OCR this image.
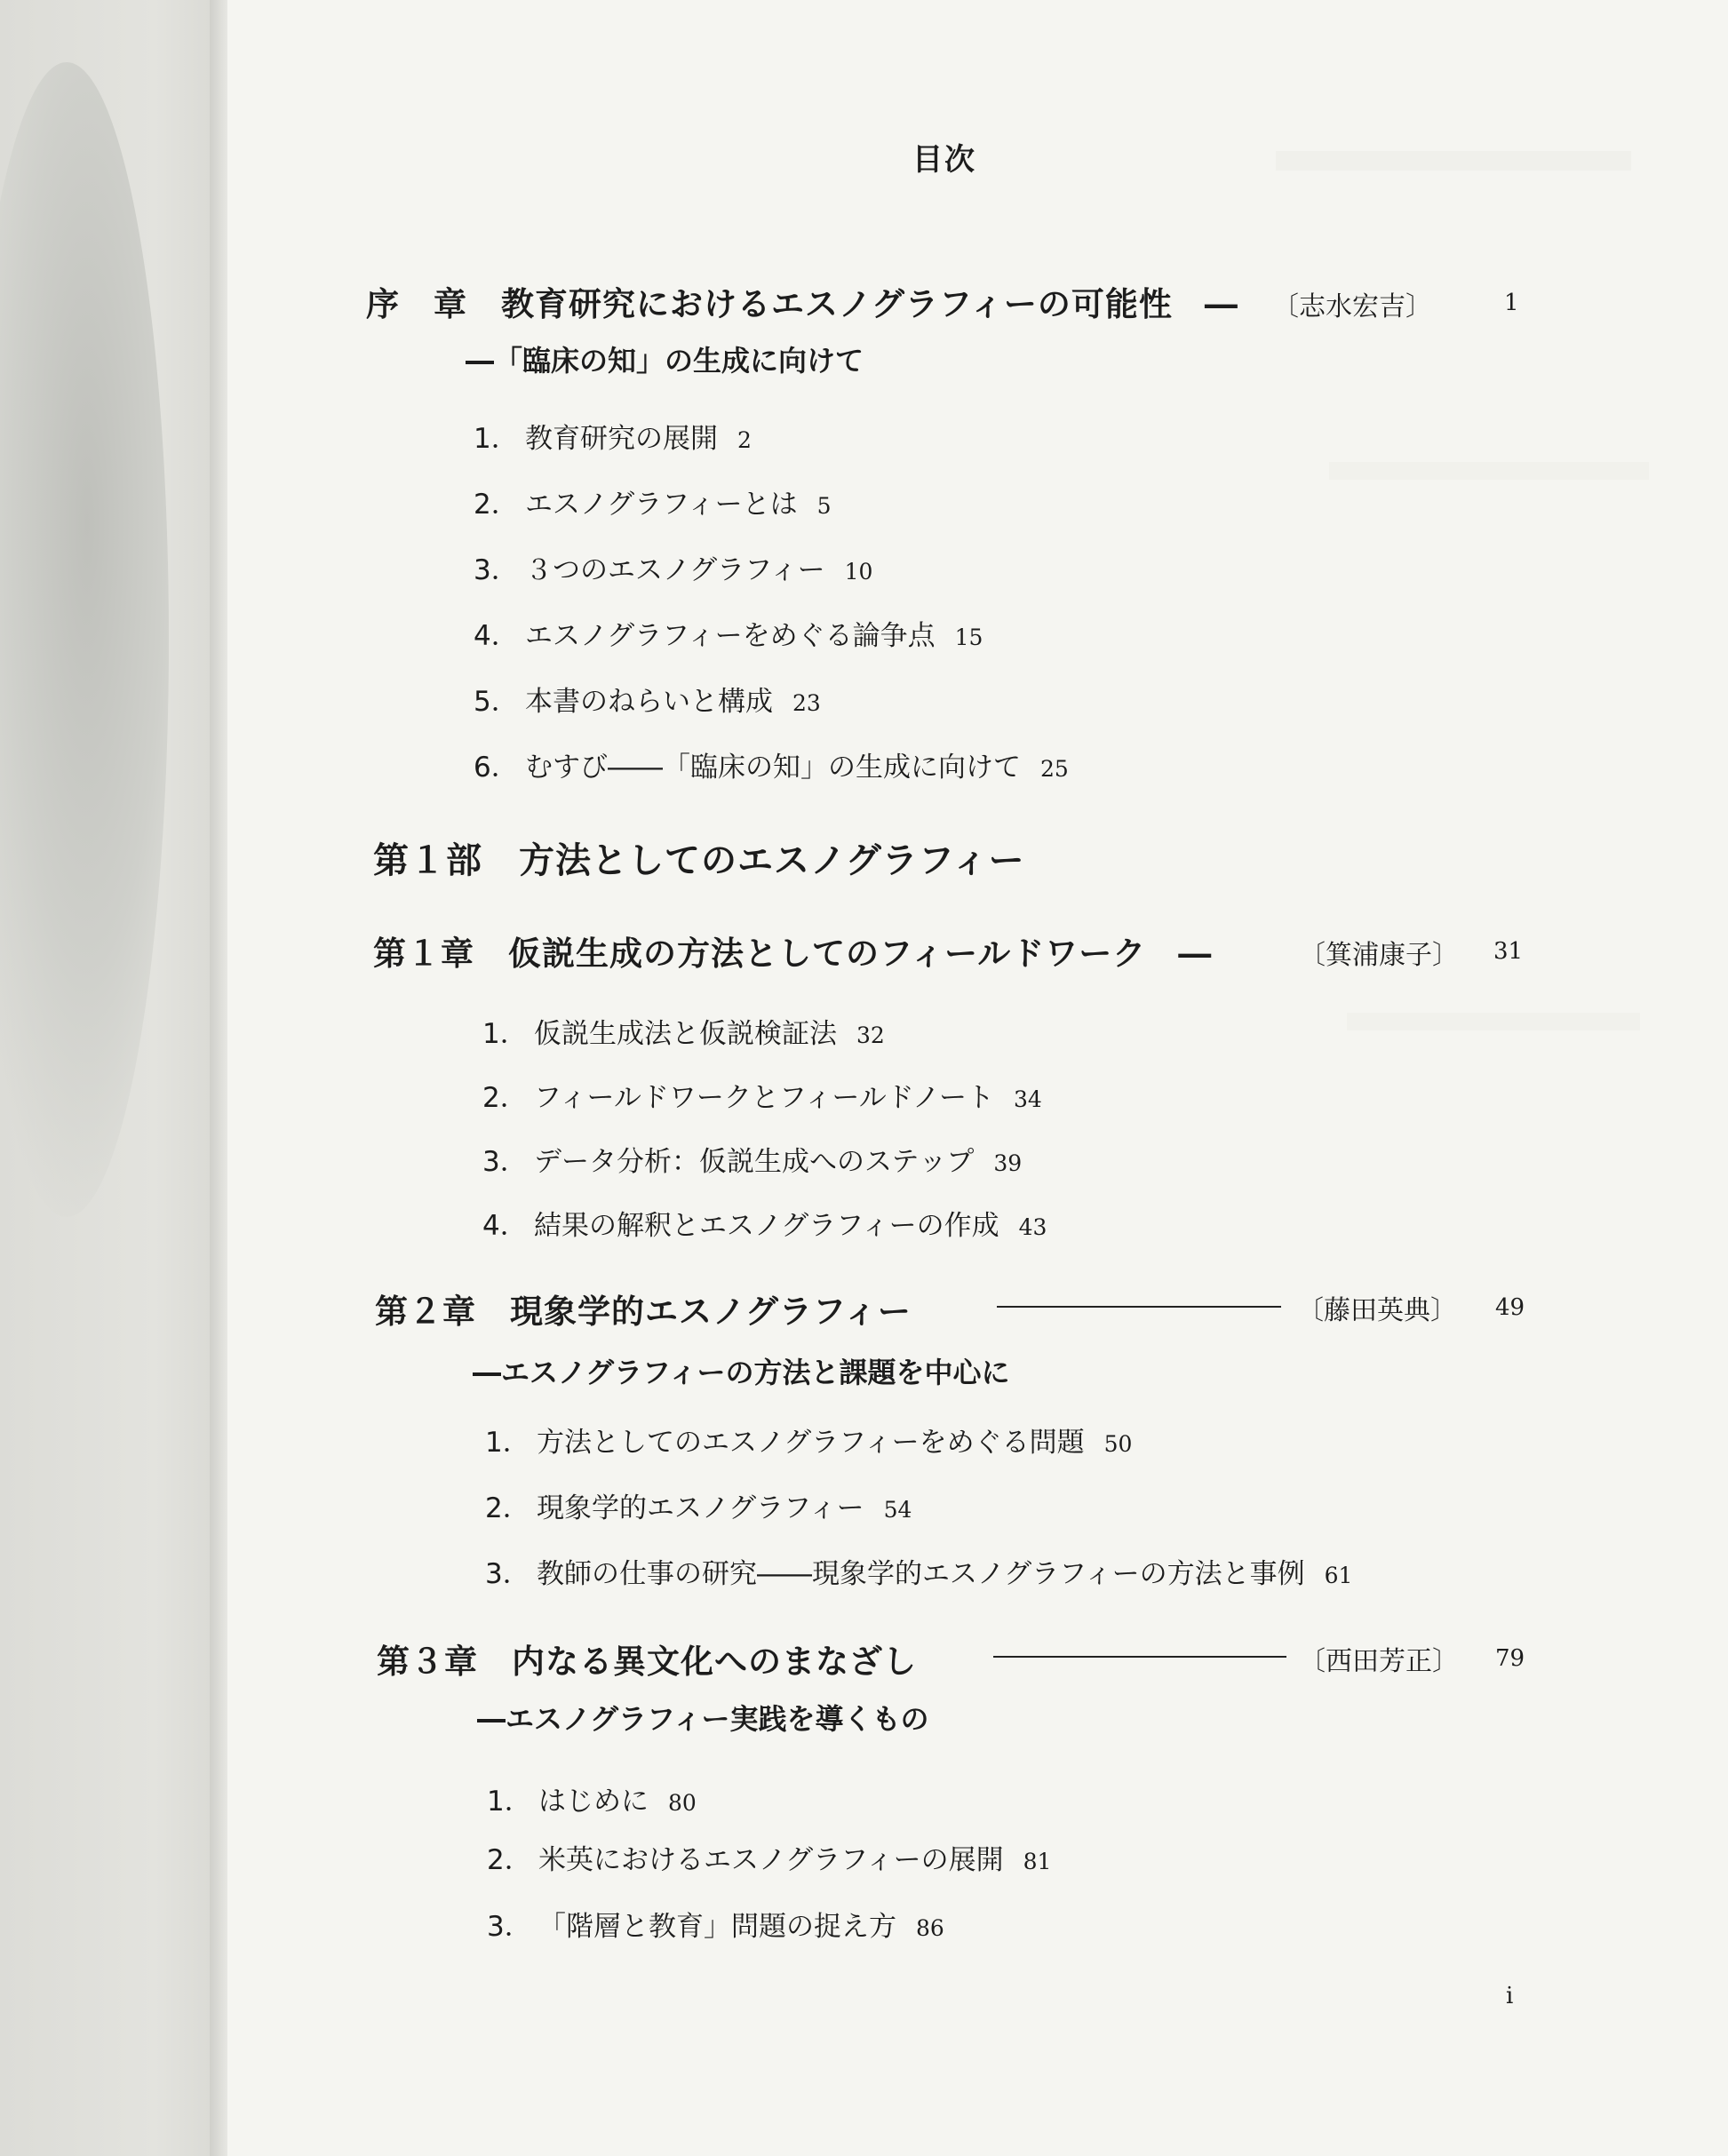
目次
序　章　教育研究におけるエスノグラフィーの可能性 ― 〔志水宏吉〕	1
―「臨床の知」の生成に向けて
1． 教育研究の展開 2
2． エスノグラフィーとは 5
3． ３つのエスノグラフィー 10
4． エスノグラフィーをめぐる論争点 15
5． 本書のねらいと構成 23
6． むすび――「臨床の知」の生成に向けて 25
第１部　方法としてのエスノグラフィー
第１章　仮説生成の方法としてのフィールドワーク ―	〔箕浦康子〕 31
1． 仮説生成法と仮説検証法 32
2． フィールドワークとフィールドノート 34
3． データ分析：仮説生成へのステップ 39
4． 結果の解釈とエスノグラフィーの作成 43
第２章　現象学的エスノグラフィー	〔藤田英典〕 49
―エスノグラフィーの方法と課題を中心に
1． 方法としてのエスノグラフィーをめぐる問題 50
2． 現象学的エスノグラフィー 54
3． 教師の仕事の研究――現象学的エスノグラフィーの方法と事例 61
第３章　内なる異文化へのまなざし	〔西田芳正〕 79
―エスノグラフィー実践を導くもの
1． はじめに 80
2． 米英におけるエスノグラフィーの展開 81
3． 「階層と教育」問題の捉え方 86
i
